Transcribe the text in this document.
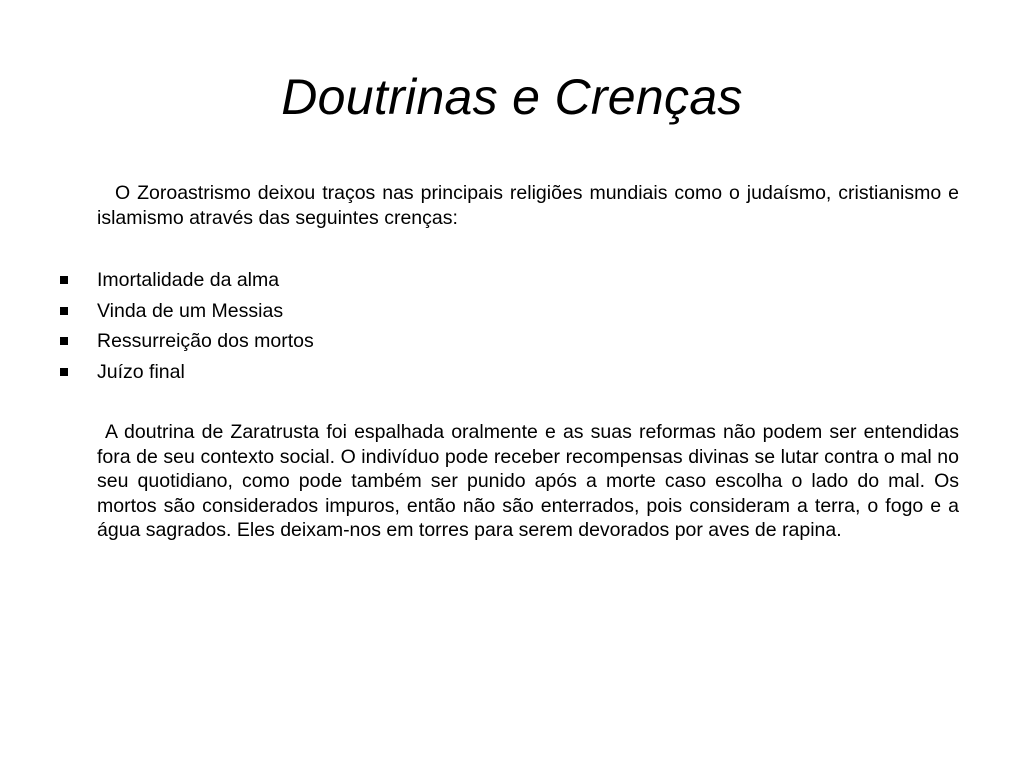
Doutrinas e Crenças

O Zoroastrismo deixou traços nas principais religiões mundiais como o judaísmo, cristianismo e islamismo através das seguintes crenças:

Imortalidade da alma
Vinda de um Messias
Ressurreição dos mortos
Juízo final

A doutrina de Zaratrusta foi espalhada oralmente e as suas reformas não podem ser entendidas fora de seu contexto social. O indivíduo pode receber recompensas divinas se lutar contra o mal no seu quotidiano, como pode também ser punido após a morte caso escolha o lado do mal. Os mortos são considerados impuros, então não são enterrados, pois consideram a terra, o fogo e a água sagrados. Eles deixam-nos em torres para serem devorados por aves de rapina.
